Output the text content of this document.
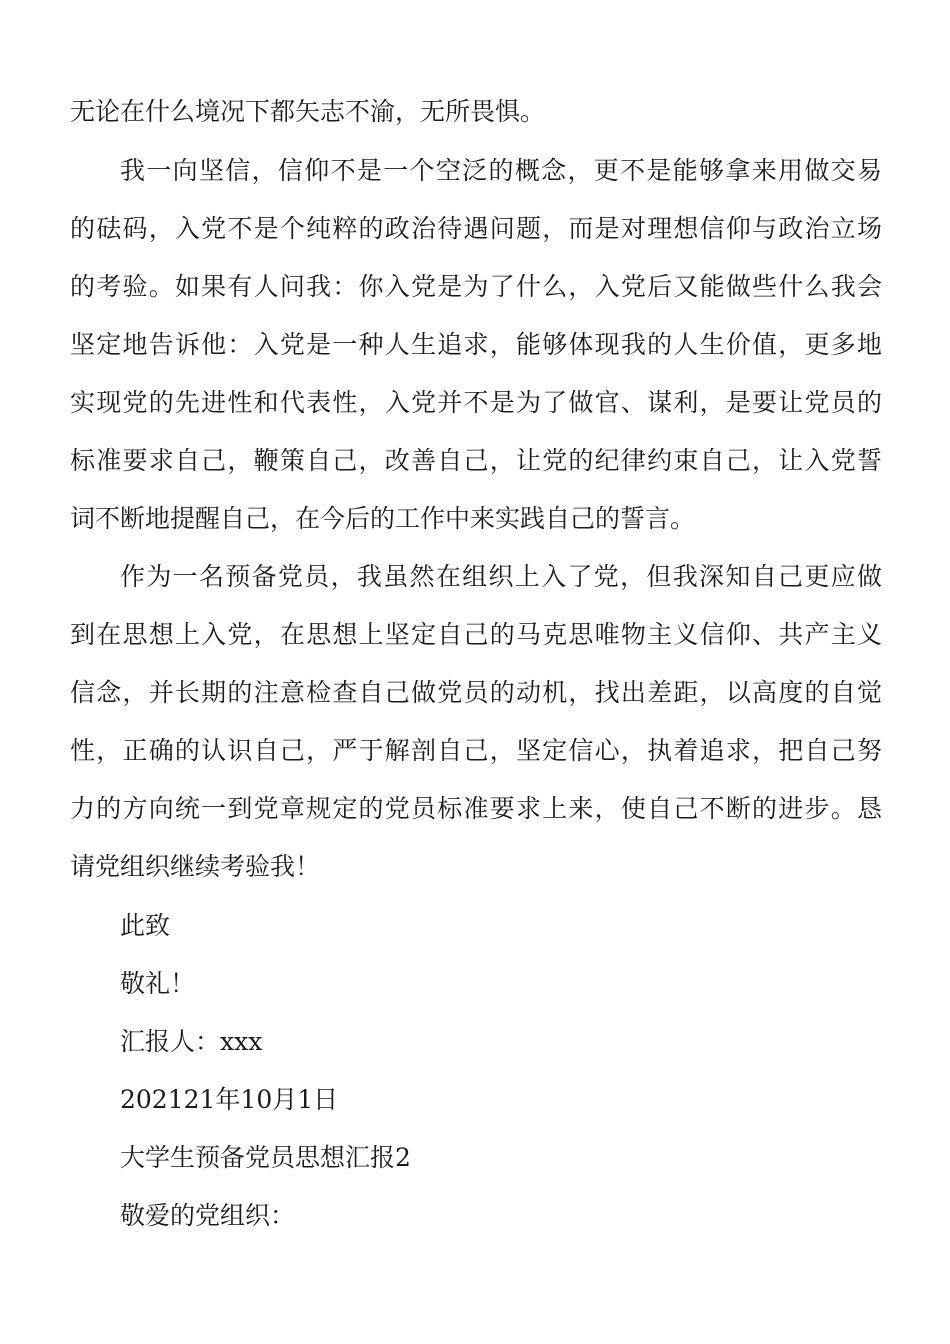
无论在什么境况下都矢志不渝，无所畏惧。
我一向坚信，信仰不是一个空泛的概念，更不是能够拿来用做交易
的砝码，入党不是个纯粹的政治待遇问题，而是对理想信仰与政治立场
的考验。如果有人问我：你入党是为了什么，入党后又能做些什么我会
坚定地告诉他：入党是一种人生追求，能够体现我的人生价值，更多地
实现党的先进性和代表性，入党并不是为了做官、谋利，是要让党员的
标准要求自己，鞭策自己，改善自己，让党的纪律约束自己，让入党誓
词不断地提醒自己，在今后的工作中来实践自己的誓言。
作为一名预备党员，我虽然在组织上入了党，但我深知自己更应做
到在思想上入党，在思想上坚定自己的马克思唯物主义信仰、共产主义
信念，并长期的注意检查自己做党员的动机，找出差距，以高度的自觉
性，正确的认识自己，严于解剖自己，坚定信心，执着追求，把自己努
力的方向统一到党章规定的党员标准要求上来，使自己不断的进步。恳
请党组织继续考验我！
此致
敬礼！
汇报人：xxx
202121年10月1日
大学生预备党员思想汇报2
敬爱的党组织：
